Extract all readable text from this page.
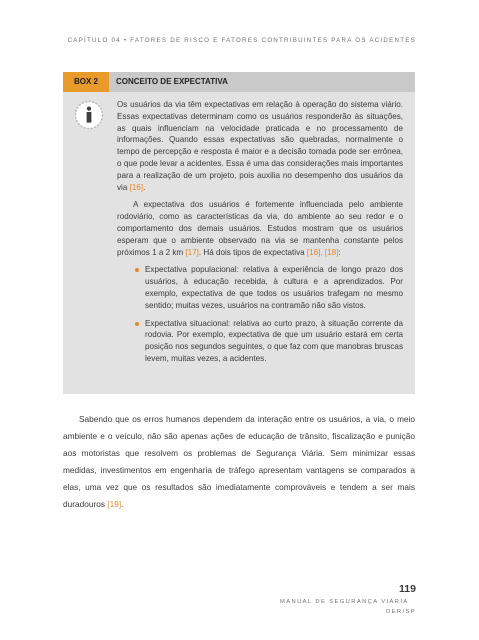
CAPÍTULO 04 • FATORES DE RISCO E FATORES CONTRIBUINTES PARA OS ACIDENTES
BOX 2	CONCEITO DE EXPECTATIVA

Os usuários da via têm expectativas em relação à operação do sistema viário. Essas expectativas determinam como os usuários responderão às situações, as quais influenciam na velocidade praticada e no processamento de informações. Quando essas expectativas são quebradas, normalmente o tempo de percepção e resposta é maior e a decisão tomada pode ser errônea, o que pode levar a acidentes. Essa é uma das considerações mais importantes para a realização de um projeto, pois auxilia no desempenho dos usuários da via [16].

A expectativa dos usuários é fortemente influenciada pelo ambiente rodoviário, como as características da via, do ambiente ao seu redor e o comportamento dos demais usuários. Estudos mostram que os usuários esperam que o ambiente observado na via se mantenha constante pelos próximos 1 a 2 km [17]. Há dois tipos de expectativa [16], [18]:

Expectativa populacional: relativa à experiência de longo prazo dos usuários, à educação recebida, à cultura e a aprendizados. Por exemplo, expectativa de que todos os usuários trafegam no mesmo sentido; muitas vezes, usuários na contramão não são vistos.
Expectativa situacional: relativa ao curto prazo, à situação corrente da rodovia. Por exemplo, expectativa de que um usuário estará em certa posição nos segundos seguintes, o que faz com que manobras bruscas levem, muitas vezes, a acidentes.

Sabendo que os erros humanos dependem da interação entre os usuários, a via, o meio ambiente e o veículo, não são apenas ações de educação de trânsito, fiscalização e punição aos motoristas que resolvem os problemas de Segurança Viária. Sem minimizar essas medidas, investimentos em engenharia de tráfego apresentam vantagens se comparados a elas, uma vez que os resultados são imediatamente comprováveis e tendem a ser mais duradouros [19].

119
MANUAL DE SEGURANÇA VIÁRIA
DER/SP
